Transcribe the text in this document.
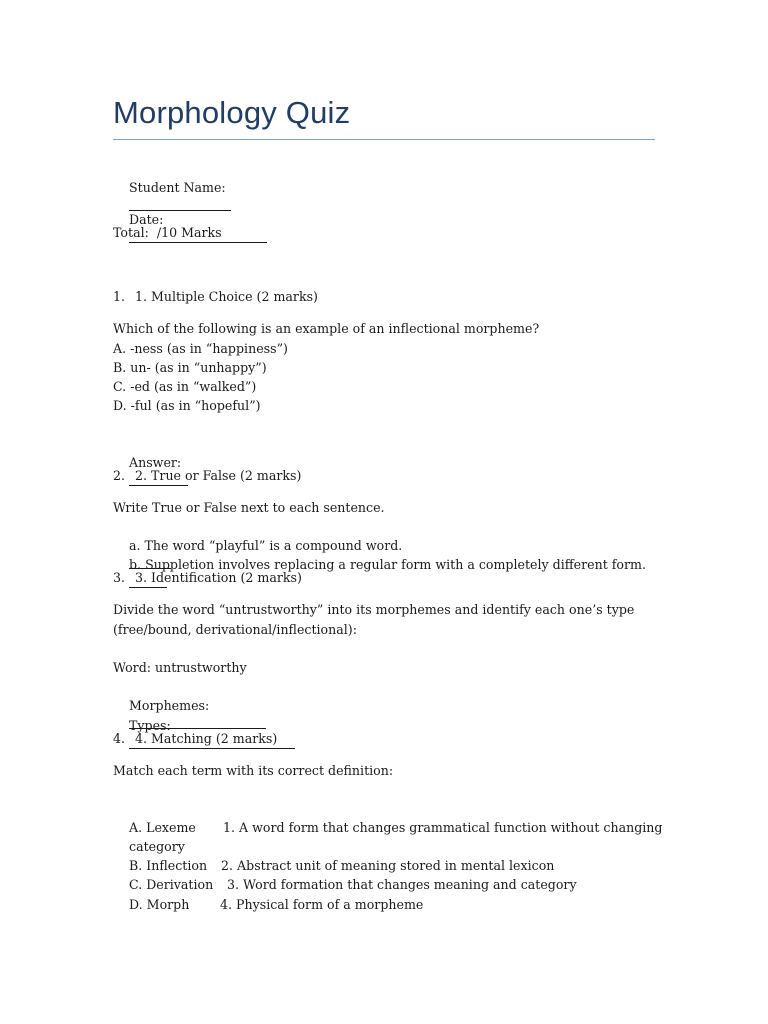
Morphology Quiz

Student Name:

Date:

Total:  /10 Marks
1. 1. Multiple Choice (2 marks)
Which of the following is an example of an inflectional morpheme?
A. -ness (as in “happiness”)
B. un- (as in “unhappy”)
C. -ed (as in “walked”)
D. -ful (as in “hopeful”)

Answer:

2. 2. True or False (2 marks)
Write True or False next to each sentence.

a. The word “playful” is a compound word.

b. Suppletion involves replacing a regular form with a completely different form.

3. 3. Identification (2 marks)
Divide the word “untrustworthy” into its morphemes and identify each one’s type
(free/bound, derivational/inflectional):
Word: untrustworthy

Morphemes:

Types:

4. 4. Matching (2 marks)
Match each term with its correct definition:

A. Lexeme 1. A word form that changes grammatical function without changing

category

B. Inflection 2. Abstract unit of meaning stored in mental lexicon

C. Derivation 3. Word formation that changes meaning and category

D. Morph 4. Physical form of a morpheme
